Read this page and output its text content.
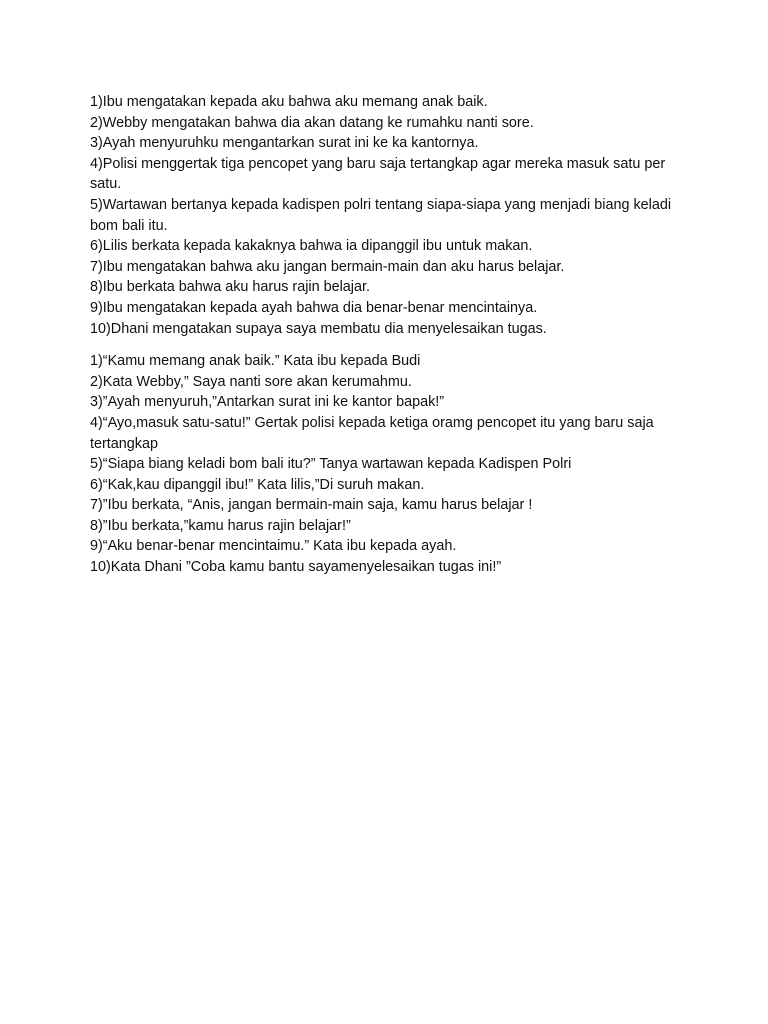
1)Ibu mengatakan kepada aku bahwa aku memang anak baik.

2)Webby mengatakan bahwa dia akan datang ke rumahku nanti sore.

3)Ayah menyuruhku mengantarkan surat ini ke ka kantornya.

4)Polisi menggertak tiga pencopet yang baru saja tertangkap agar mereka masuk satu per satu.

5)Wartawan bertanya kepada kadispen polri tentang siapa-siapa yang menjadi biang keladi bom bali itu.

6)Lilis berkata kepada kakaknya bahwa ia dipanggil ibu untuk makan.

7)Ibu mengatakan bahwa aku jangan bermain-main dan aku harus belajar.

8)Ibu berkata bahwa aku harus rajin belajar.

9)Ibu mengatakan kepada ayah bahwa dia benar-benar mencintainya.

10)Dhani mengatakan supaya saya membatu dia menyelesaikan tugas.

1)“Kamu memang anak baik.” Kata ibu kepada Budi

2)Kata Webby,” Saya nanti sore akan kerumahmu.

3)”Ayah menyuruh,”Antarkan surat ini ke kantor bapak!”

4)“Ayo,masuk satu-satu!” Gertak polisi kepada ketiga oramg pencopet itu yang baru saja tertangkap

5)“Siapa biang keladi bom bali itu?” Tanya wartawan kepada Kadispen Polri

6)“Kak,kau dipanggil ibu!” Kata lilis,”Di suruh makan.

7)”Ibu berkata, “Anis, jangan bermain-main saja, kamu harus belajar !

8)”Ibu berkata,”kamu harus rajin belajar!”

9)“Aku benar-benar mencintaimu.” Kata ibu kepada ayah.

10)Kata Dhani ”Coba kamu bantu sayamenyelesaikan tugas ini!”
